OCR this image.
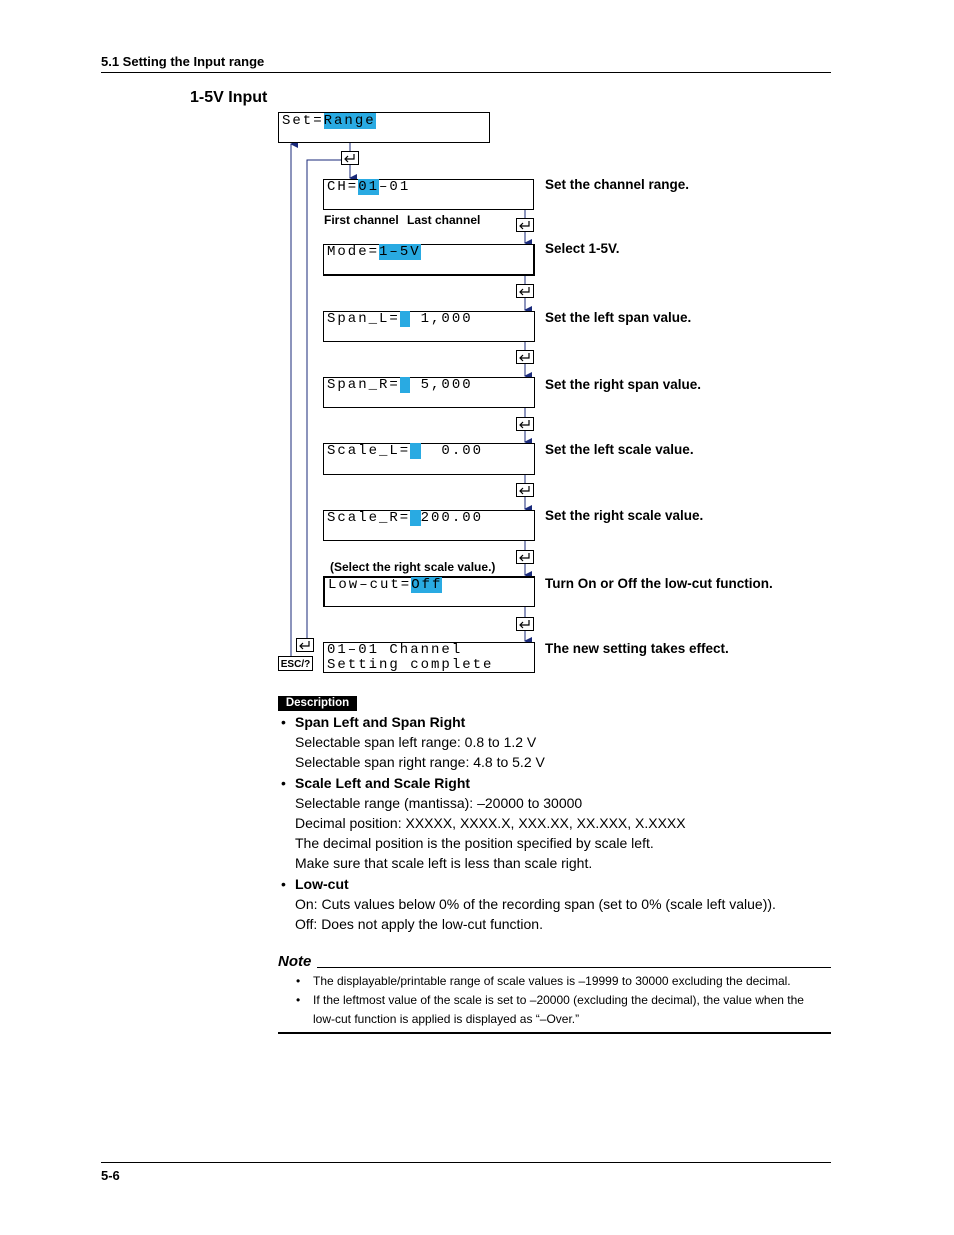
5.1 Setting the Input range
1-5V Input
Set=Range
ESC/?
CH=01–01
First channel Last channel
Set the channel range.
Mode=1–5V	Select 1-5V.
Span_L=  1,000	Set the left span value.
Span_R=  5,000	Set the right span value.
Scale_L=   0.00	Set the left scale value.
Scale_R= 200.00	Set the right scale value.
(Select the right scale value.)
Low–cut=Off	Turn On or Off the low-cut function.
01–01 Channel
Setting complete
The new setting takes effect.
Description
• Span Left and Span Right
Selectable span left range: 0.8 to 1.2 V
Selectable span right range: 4.8 to 5.2 V
• Scale Left and Scale Right
Selectable range (mantissa): –20000 to 30000
Decimal position: XXXXX, XXXX.X, XXX.XX, XX.XXX, X.XXXX
The decimal position is the position specified by scale left.
Make sure that scale left is less than scale right.
• Low-cut
On: Cuts values below 0% of the recording span (set to 0% (scale left value)).
Off: Does not apply the low-cut function.
Note
• The displayable/printable range of scale values is –19999 to 30000 excluding the decimal.
• If the leftmost value of the scale is set to –20000 (excluding the decimal), the value when the
low-cut function is applied is displayed as “–Over.”
5-6
